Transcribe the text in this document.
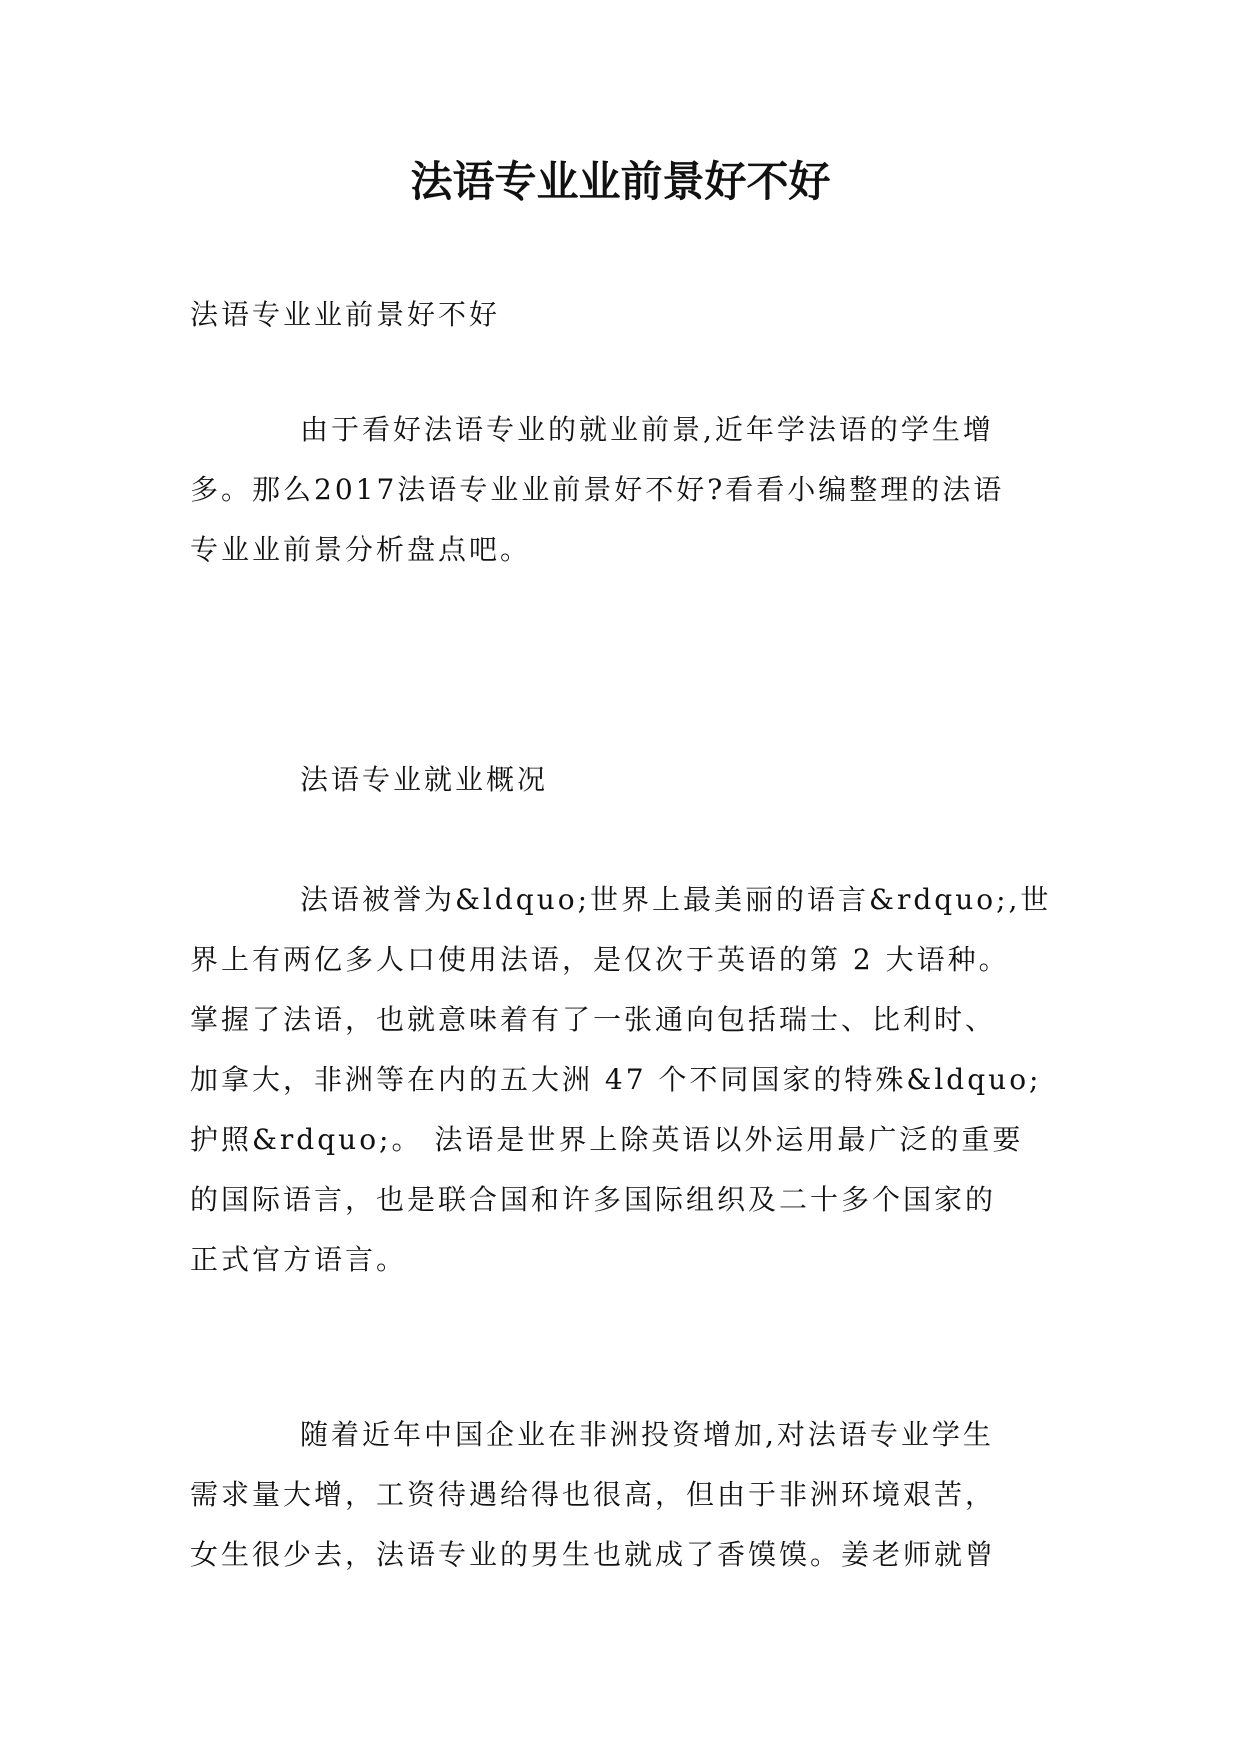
法语专业业前景好不好
法语专业业前景好不好
由于看好法语专业的就业前景,近年学法语的学生增
多。那么2017法语专业业前景好不好?看看小编整理的法语
专业业前景分析盘点吧。
法语专业就业概况
法语被誉为&ldquo;世界上最美丽的语言&rdquo;,世
界上有两亿多人口使用法语，是仅次于英语的第 2 大语种。
掌握了法语，也就意味着有了一张通向包括瑞士、比利时、
加拿大，非洲等在内的五大洲 47 个不同国家的特殊&ldquo;
护照&rdquo;。 法语是世界上除英语以外运用最广泛的重要
的国际语言，也是联合国和许多国际组织及二十多个国家的
正式官方语言。
随着近年中国企业在非洲投资增加,对法语专业学生
需求量大增，工资待遇给得也很高，但由于非洲环境艰苦，
女生很少去，法语专业的男生也就成了香馍馍。姜老师就曾
